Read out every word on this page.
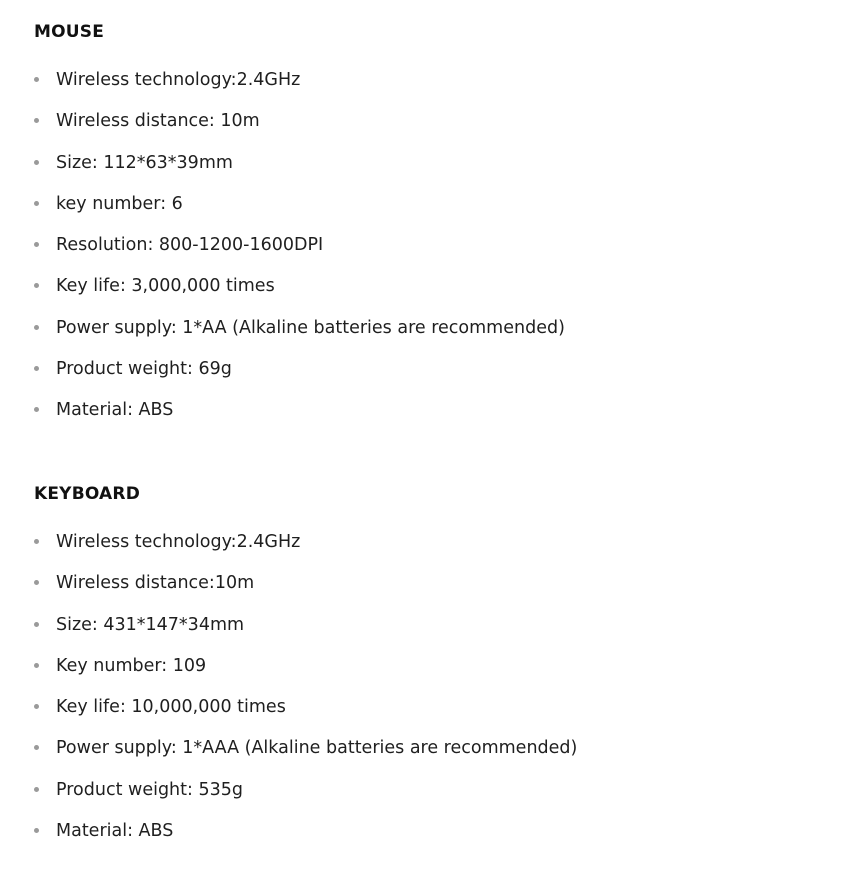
MOUSE
Wireless technology:2.4GHz
Wireless distance: 10m
Size: 112*63*39mm
key number: 6
Resolution: 800-1200-1600DPI
Key life: 3,000,000 times
Power supply: 1*AA (Alkaline batteries are recommended)
Product weight: 69g
Material: ABS
KEYBOARD
Wireless technology:2.4GHz
Wireless distance:10m
Size: 431*147*34mm
Key number: 109
Key life: 10,000,000 times
Power supply: 1*AAA (Alkaline batteries are recommended)
Product weight: 535g
Material: ABS
